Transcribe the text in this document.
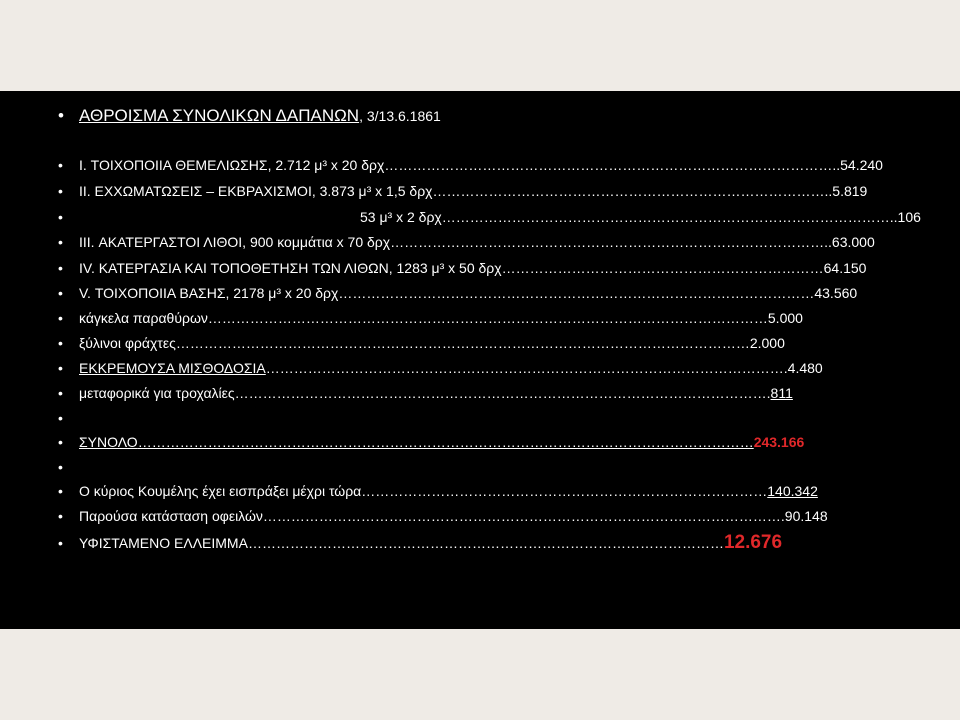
• ΑΘΡΟΙΣΜΑ ΣΥΝΟΛΙΚΩΝ ΔΑΠΑΝΩΝ, 3/13.6.1861
•	I. ΤΟΙΧΟΠΟΙΙΑ ΘΕΜΕΛΙΩΣΗΣ, 2.712 μ³ x 20 δρχ……………………………………………………………………………………..54.240
•	II. ΕΧΧΩΜΑΤΩΣΕΙΣ – ΕΚΒΡΑΧΙΣΜΟΙ, 3.873 μ³ x 1,5 δρχ…………………………………………………………………………..5.819
•	53 μ³ x 2 δρχ……………………………………………………………………………………..106
•	III. ΑΚΑΤΕΡΓΑΣΤΟΙ ΛΙΘΟΙ, 900 κομμάτια x 70 δρχ…………………………………………………………………………………..63.000
•	IV. ΚΑΤΕΡΓΑΣΙΑ ΚΑΙ ΤΟΠΟΘΕΤΗΣΗ ΤΩΝ ΛΙΘΩΝ, 1283 μ³ x 50 δρχ……………………………………………………………64.150
•	V. ΤΟΙΧΟΠΟΙΙΑ ΒΑΣΗΣ, 2178 μ³ x 20 δρχ…………………………………………………………………………………………43.560
•	κάγκελα παραθύρων…………………………………………………………………………………………………………5.000
•	ξύλινοι φράχτες……………………………………………………………………………………………………………2.000
•	ΕΚΚΡΕΜΟΥΣΑ ΜΙΣΘΟΔΟΣΙΑ………………………………………………………………………………………………….4.480
•	μεταφορικά για τροχαλίες…………………………………………………………………………………………………….811
•
•	ΣΥΝΟΛΟ……………………………………………………………………………………………………………………243.166
•
•	Ο κύριος Κουμέλης έχει εισπράξει μέχρι τώρα……………………………………………………………………………140.342
•	Παρούσα κατάσταση οφειλών………………………………………………………………………………………………….90.148
•	ΥΦΙΣΤΑΜΕΝΟ ΕΛΛΕΙΜΜΑ…………………………………………………………………………………………12.676
